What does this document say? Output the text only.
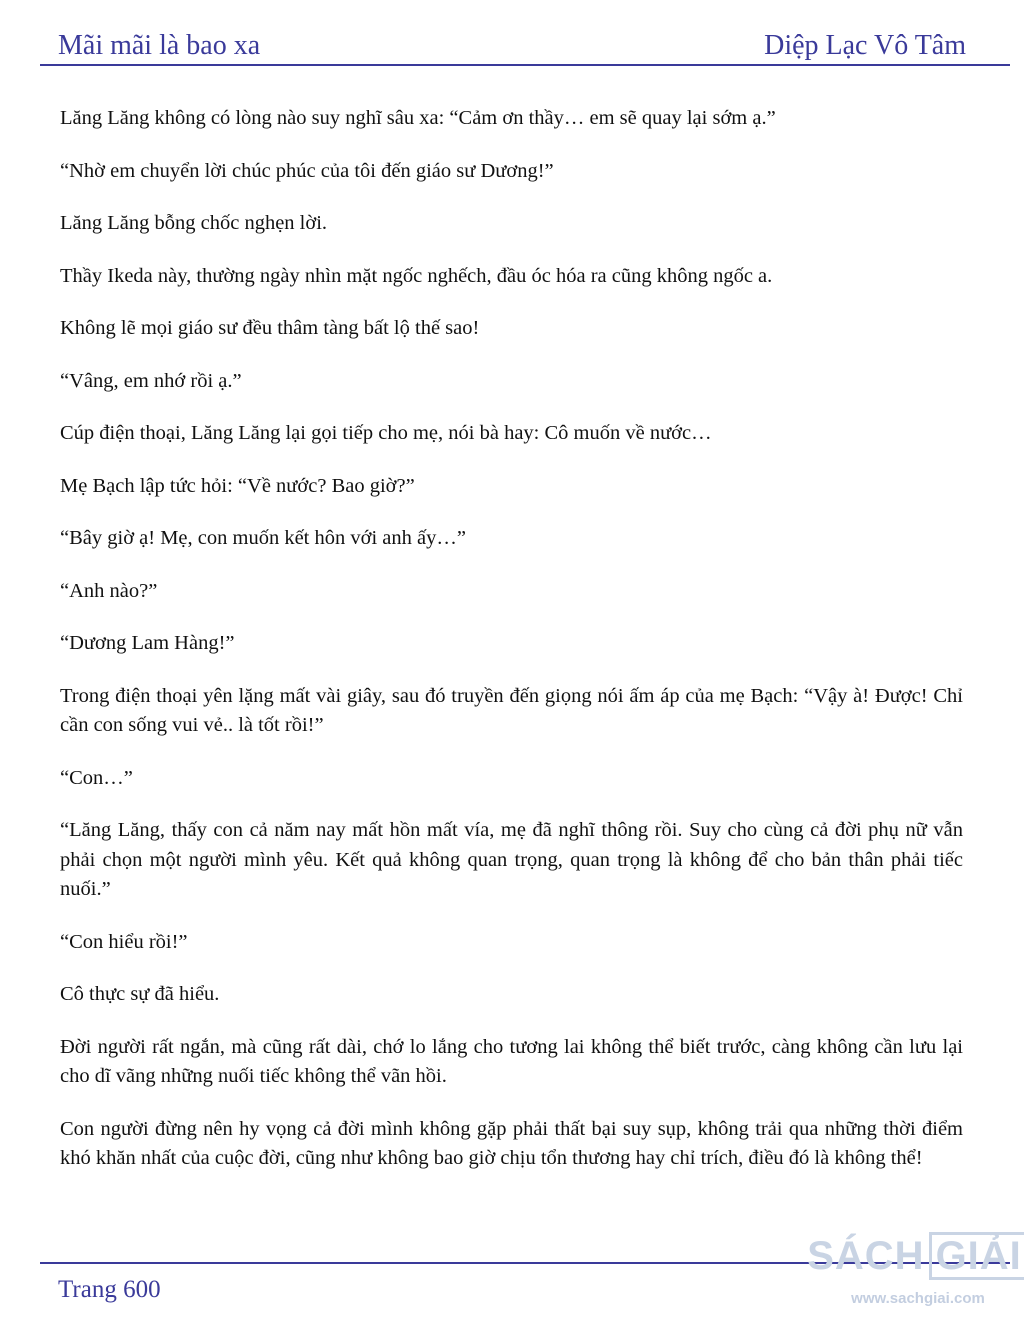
Mãi mãi là bao xa	Diệp Lạc Vô Tâm

Lăng Lăng không có lòng nào suy nghĩ sâu xa: “Cảm ơn thầy… em sẽ quay lại sớm ạ.”

“Nhờ em chuyển lời chúc phúc của tôi đến giáo sư Dương!”

Lăng Lăng bỗng chốc nghẹn lời.

Thầy Ikeda này, thường ngày nhìn mặt ngốc nghếch, đầu óc hóa ra cũng không ngốc a.

Không lẽ mọi giáo sư đều thâm tàng bất lộ thế sao!

“Vâng, em nhớ rồi ạ.”

Cúp điện thoại, Lăng Lăng lại gọi tiếp cho mẹ, nói bà hay: Cô muốn về nước…

Mẹ Bạch lập tức hỏi: “Về nước? Bao giờ?”

“Bây giờ ạ! Mẹ, con muốn kết hôn với anh ấy…”

“Anh nào?”

“Dương Lam Hàng!”

Trong điện thoại yên lặng mất vài giây, sau đó truyền đến giọng nói ấm áp của mẹ Bạch: “Vậy à! Được! Chỉ cần con sống vui vẻ.. là tốt rồi!”

“Con…”

“Lăng Lăng, thấy con cả năm nay mất hồn mất vía, mẹ đã nghĩ thông rồi. Suy cho cùng cả đời phụ nữ vẫn phải chọn một người mình yêu. Kết quả không quan trọng, quan trọng là không để cho bản thân phải tiếc nuối.”

“Con hiểu rồi!”

Cô thực sự đã hiểu.

Đời người rất ngắn, mà cũng rất dài, chớ lo lắng cho tương lai không thể biết trước, càng không cần lưu lại cho dĩ vãng những nuối tiếc không thể vãn hồi.

Con người đừng nên hy vọng cả đời mình không gặp phải thất bại suy sụp, không trải qua những thời điểm khó khăn nhất của cuộc đời, cũng như không bao giờ chịu tổn thương hay chỉ trích, điều đó là không thể!

Trang 600
SÁCH GIẢI
www.sachgiai.com
